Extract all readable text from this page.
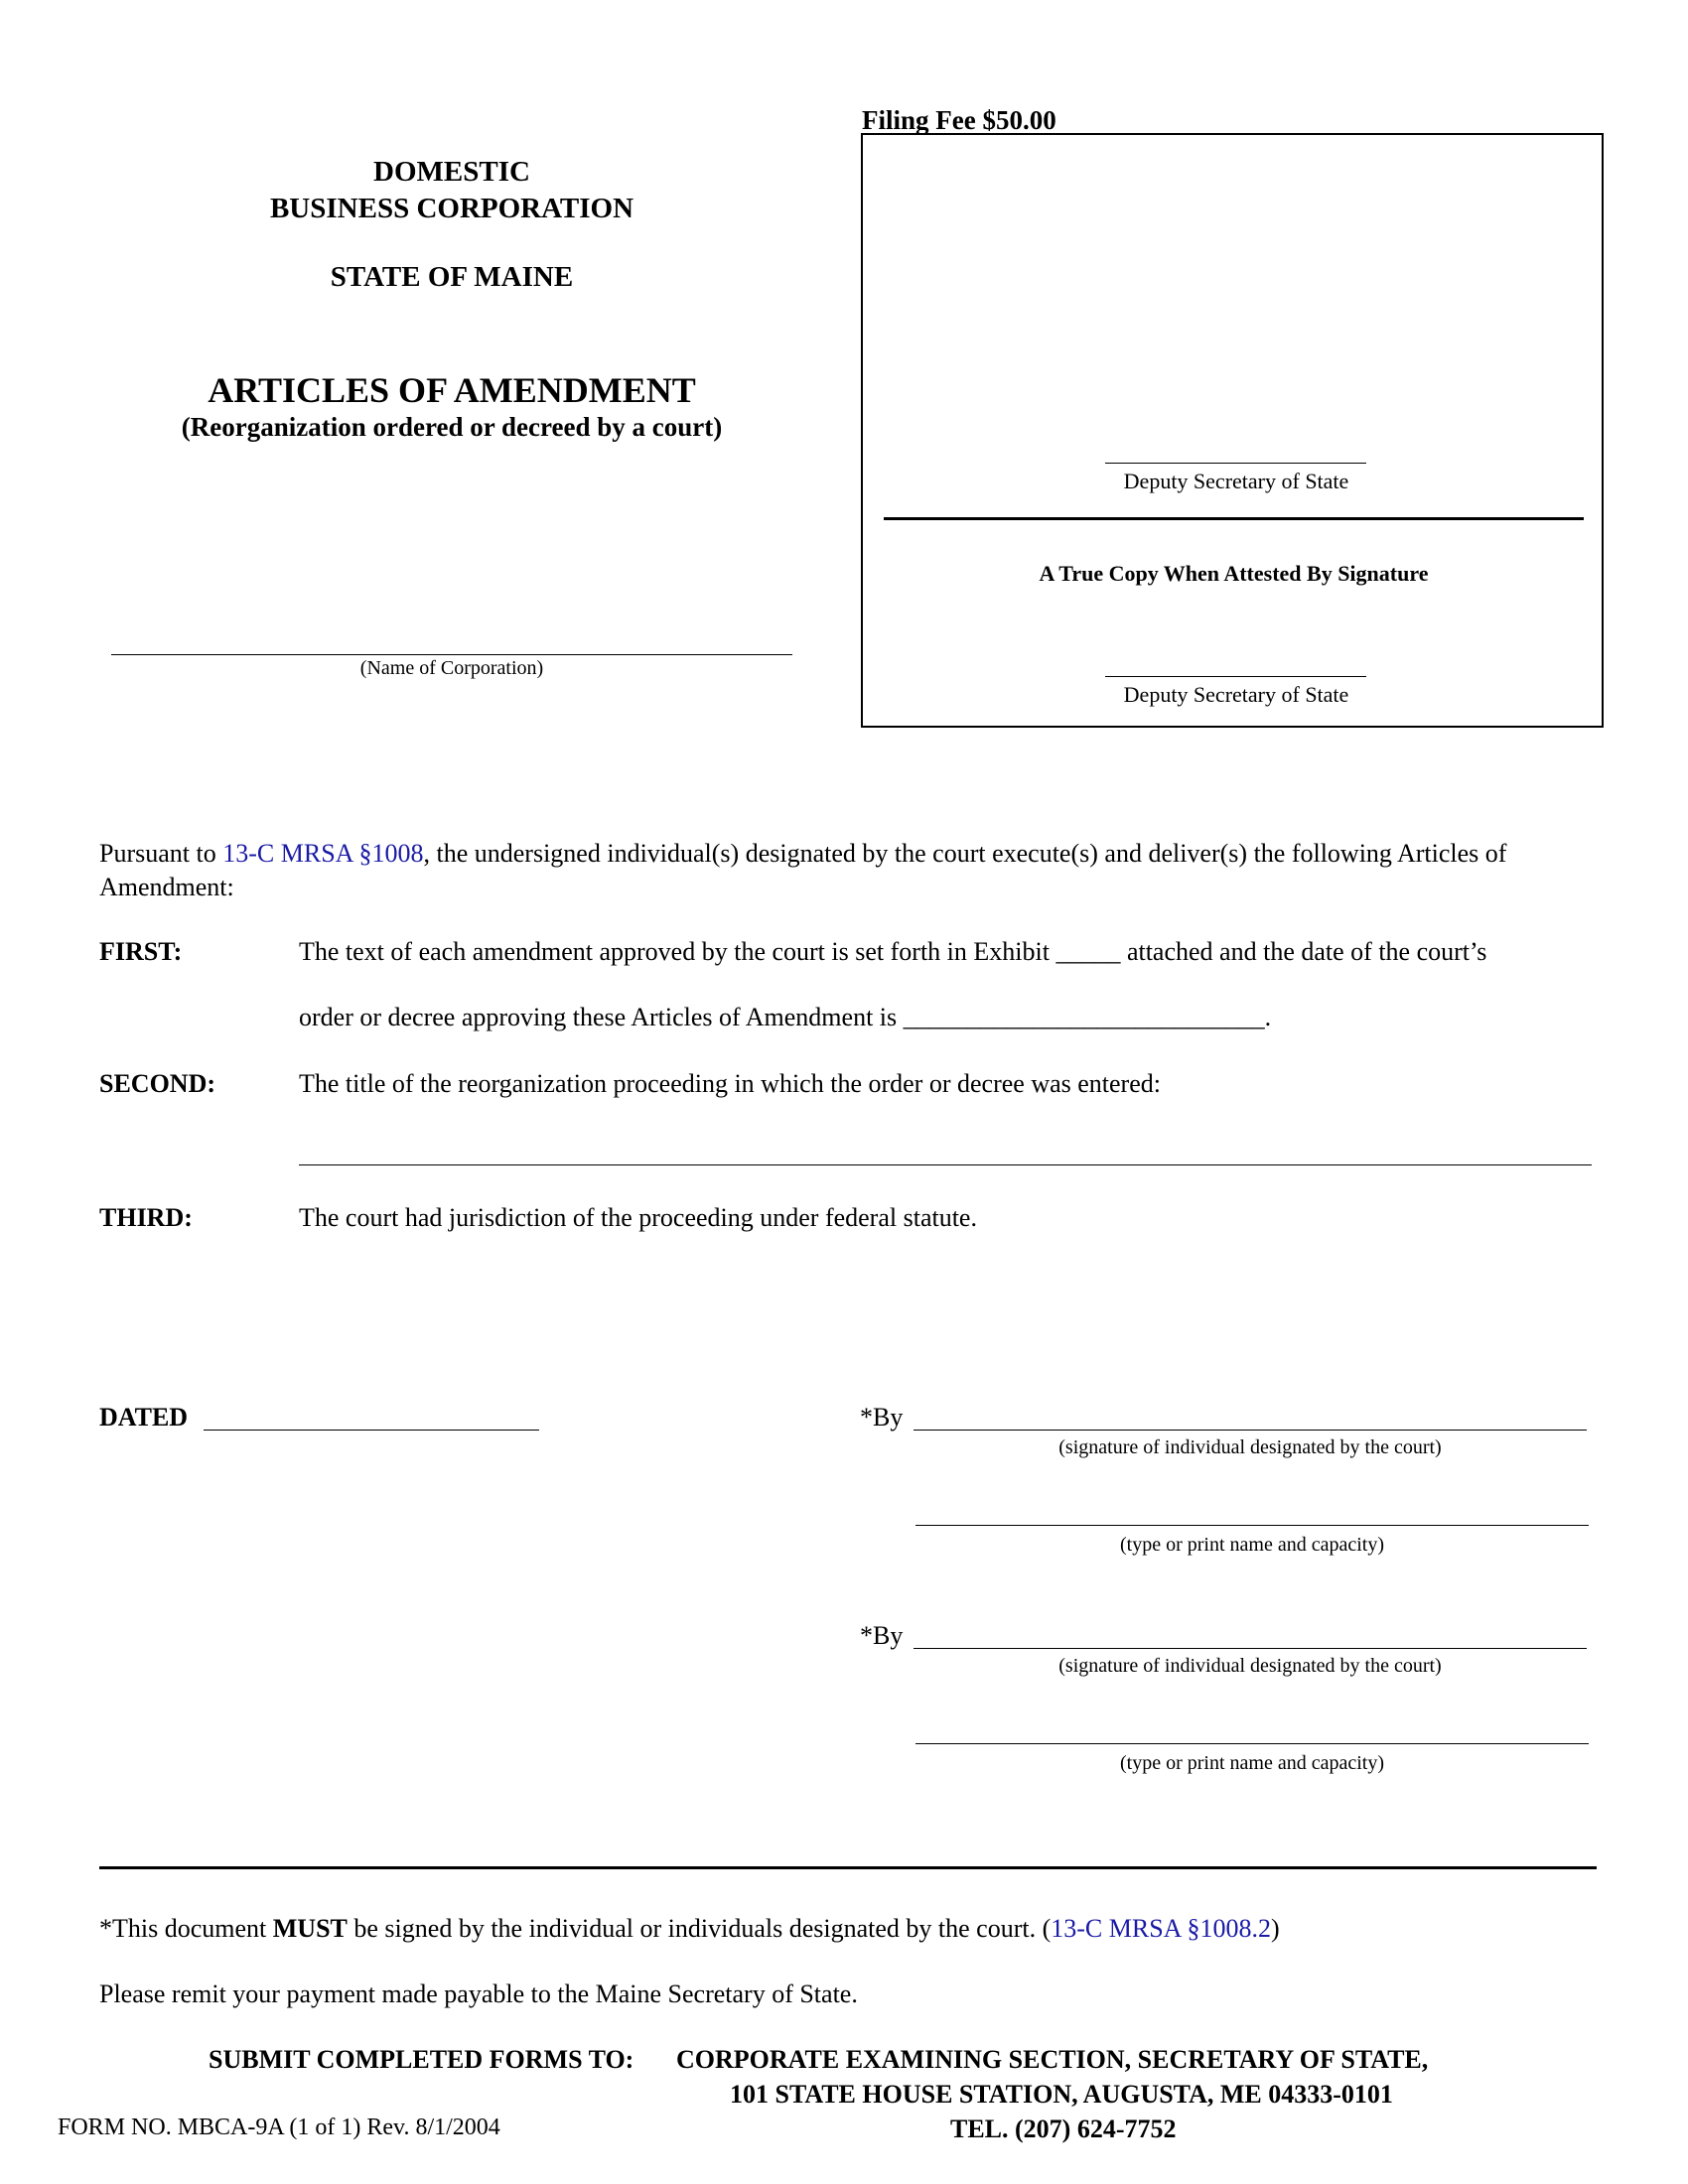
DOMESTIC
BUSINESS CORPORATION
STATE OF MAINE
ARTICLES OF AMENDMENT
(Reorganization ordered or decreed by a court)
(Name of Corporation)
Filing Fee $50.00
Deputy Secretary of State
A True Copy When Attested By Signature
Deputy Secretary of State
Pursuant to 13-C MRSA §1008, the undersigned individual(s) designated by the court execute(s) and deliver(s) the following Articles of
Amendment:
FIRST:	The text of each amendment approved by the court is set forth in Exhibit _____ attached and the date of the court’s
order or decree approving these Articles of Amendment is ____________________________.
SECOND:	The title of the reorganization proceeding in which the order or decree was entered:
THIRD:	The court had jurisdiction of the proceeding under federal statute.
DATED	*By
(signature of individual designated by the court)
(type or print name and capacity)
*By
(signature of individual designated by the court)
(type or print name and capacity)
*This document MUST be signed by the individual or individuals designated by the court. (13-C MRSA §1008.2)
Please remit your payment made payable to the Maine Secretary of State.
SUBMIT COMPLETED FORMS TO: CORPORATE EXAMINING SECTION, SECRETARY OF STATE,
101 STATE HOUSE STATION, AUGUSTA, ME 04333-0101
TEL. (207) 624-7752
FORM NO. MBCA-9A (1 of 1) Rev. 8/1/2004
